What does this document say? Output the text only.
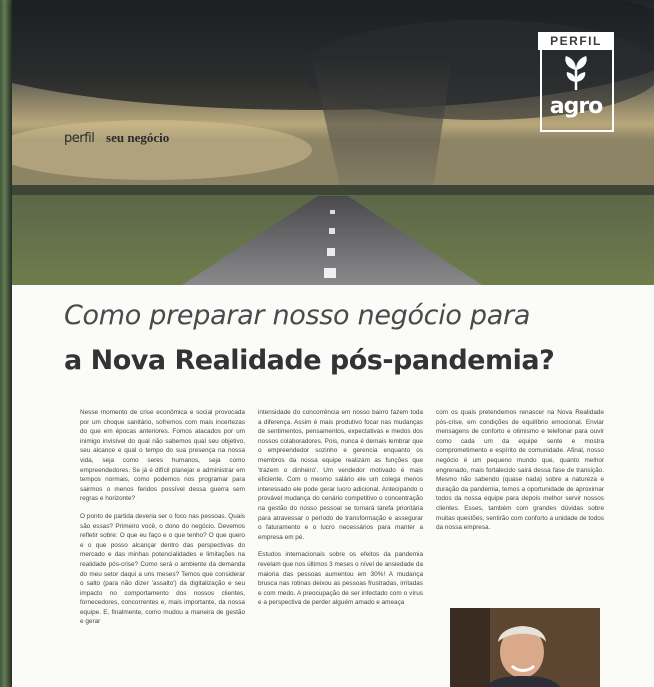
perfil seu negócio
PERFIL
agro
Como preparar nosso negócio para
a Nova Realidade pós-pandemia?

Nesse momento de crise econômica e social provocada por um choque sanitário, sofremos com mais incertezas do que em épocas anteriores. Fomos atacados por um inimigo invisível do qual não sabemos qual seu objetivo, seu alcance e qual o tempo do sua presença na nossa vida, seja como seres humanos, seja como empreendedores. Se já é difícil planejar e administrar em tempos normais, como podemos nos programar para sairmos o menos feridos possível dessa guerra sem regras e horizonte?

O ponto de partida deveria ser o foco nas pessoas. Quais são essas? Primeiro você, o dono do negócio. Devemos refletir sobre: O que eu faço e o que tenho? O que quero e o que posso alcançar dentro das perspectivas do mercado e das minhas potencialidades e limitações na realidade pós-crise? Como será o ambiente da demanda do meu setor daqui a uns meses? Temos que considerar o salto (para não dizer 'assalto') da digitalização e seu impacto no comportamento dos nossos clientes, fornecedores, concorrentes e, mais importante, da nossa equipe. E, finalmente, como mudou a maneira de gestão e gerar

intensidade do concorrência em nosso bairro fazem toda a diferença. Assim é mais produtivo focar nas mudanças de sentimentos, pensamentos, expectativas e medos dos nossos colaboradores. Pois, nunca é demais lembrar que o empreendedor sozinho e gerencia enquanto os membros da nossa equipe realizam as funções que 'trazem o dinheiro'. Um vendedor motivado é mais eficiente. Com o mesmo salário ele um colega menos interessado ele pode gerar lucro adicional. Antecipando o provável mudança do cenário competitivo o concentração na gestão do nosso pessoal se tornará tarefa prioritária para atravessar o período de transformação e assegurar o faturamento e o lucro necessários para manter a empresa em pé.

Estudos internacionais sobre os efeitos da pandemia revelam que nos últimos 3 meses o nível de ansiedade da maioria das pessoas aumentou em 30%! A mudança brusca nas rotinas deixou as pessoas frustradas, irritadas e com medo. A preocupação de ser infectado com o vírus e a perspectiva de perder alguém amado e ameaça

com os quais pretendemos renascer na Nova Realidade pós-crise, em condições de equilíbrio emocional. Enviar mensagens de conforto e otimismo e telefonar para ouvir como cada um da equipe sente e mostra comprometimento e espírito de comunidade. Afinal, nosso negócio é um pequeno mundo que, quanto melhor engrenado, mais fortalecido sairá dessa fase de transição. Mesmo não sabendo (quase nada) sobre a natureza e duração da pandemia, temos a oportunidade de aproximar todos da nossa equipe para depois melhor servir nossos clientes. Esses, também com grandes dúvidas sobre muitas questões, sentirão com conforto a unidade de todos da nossa empresa.
